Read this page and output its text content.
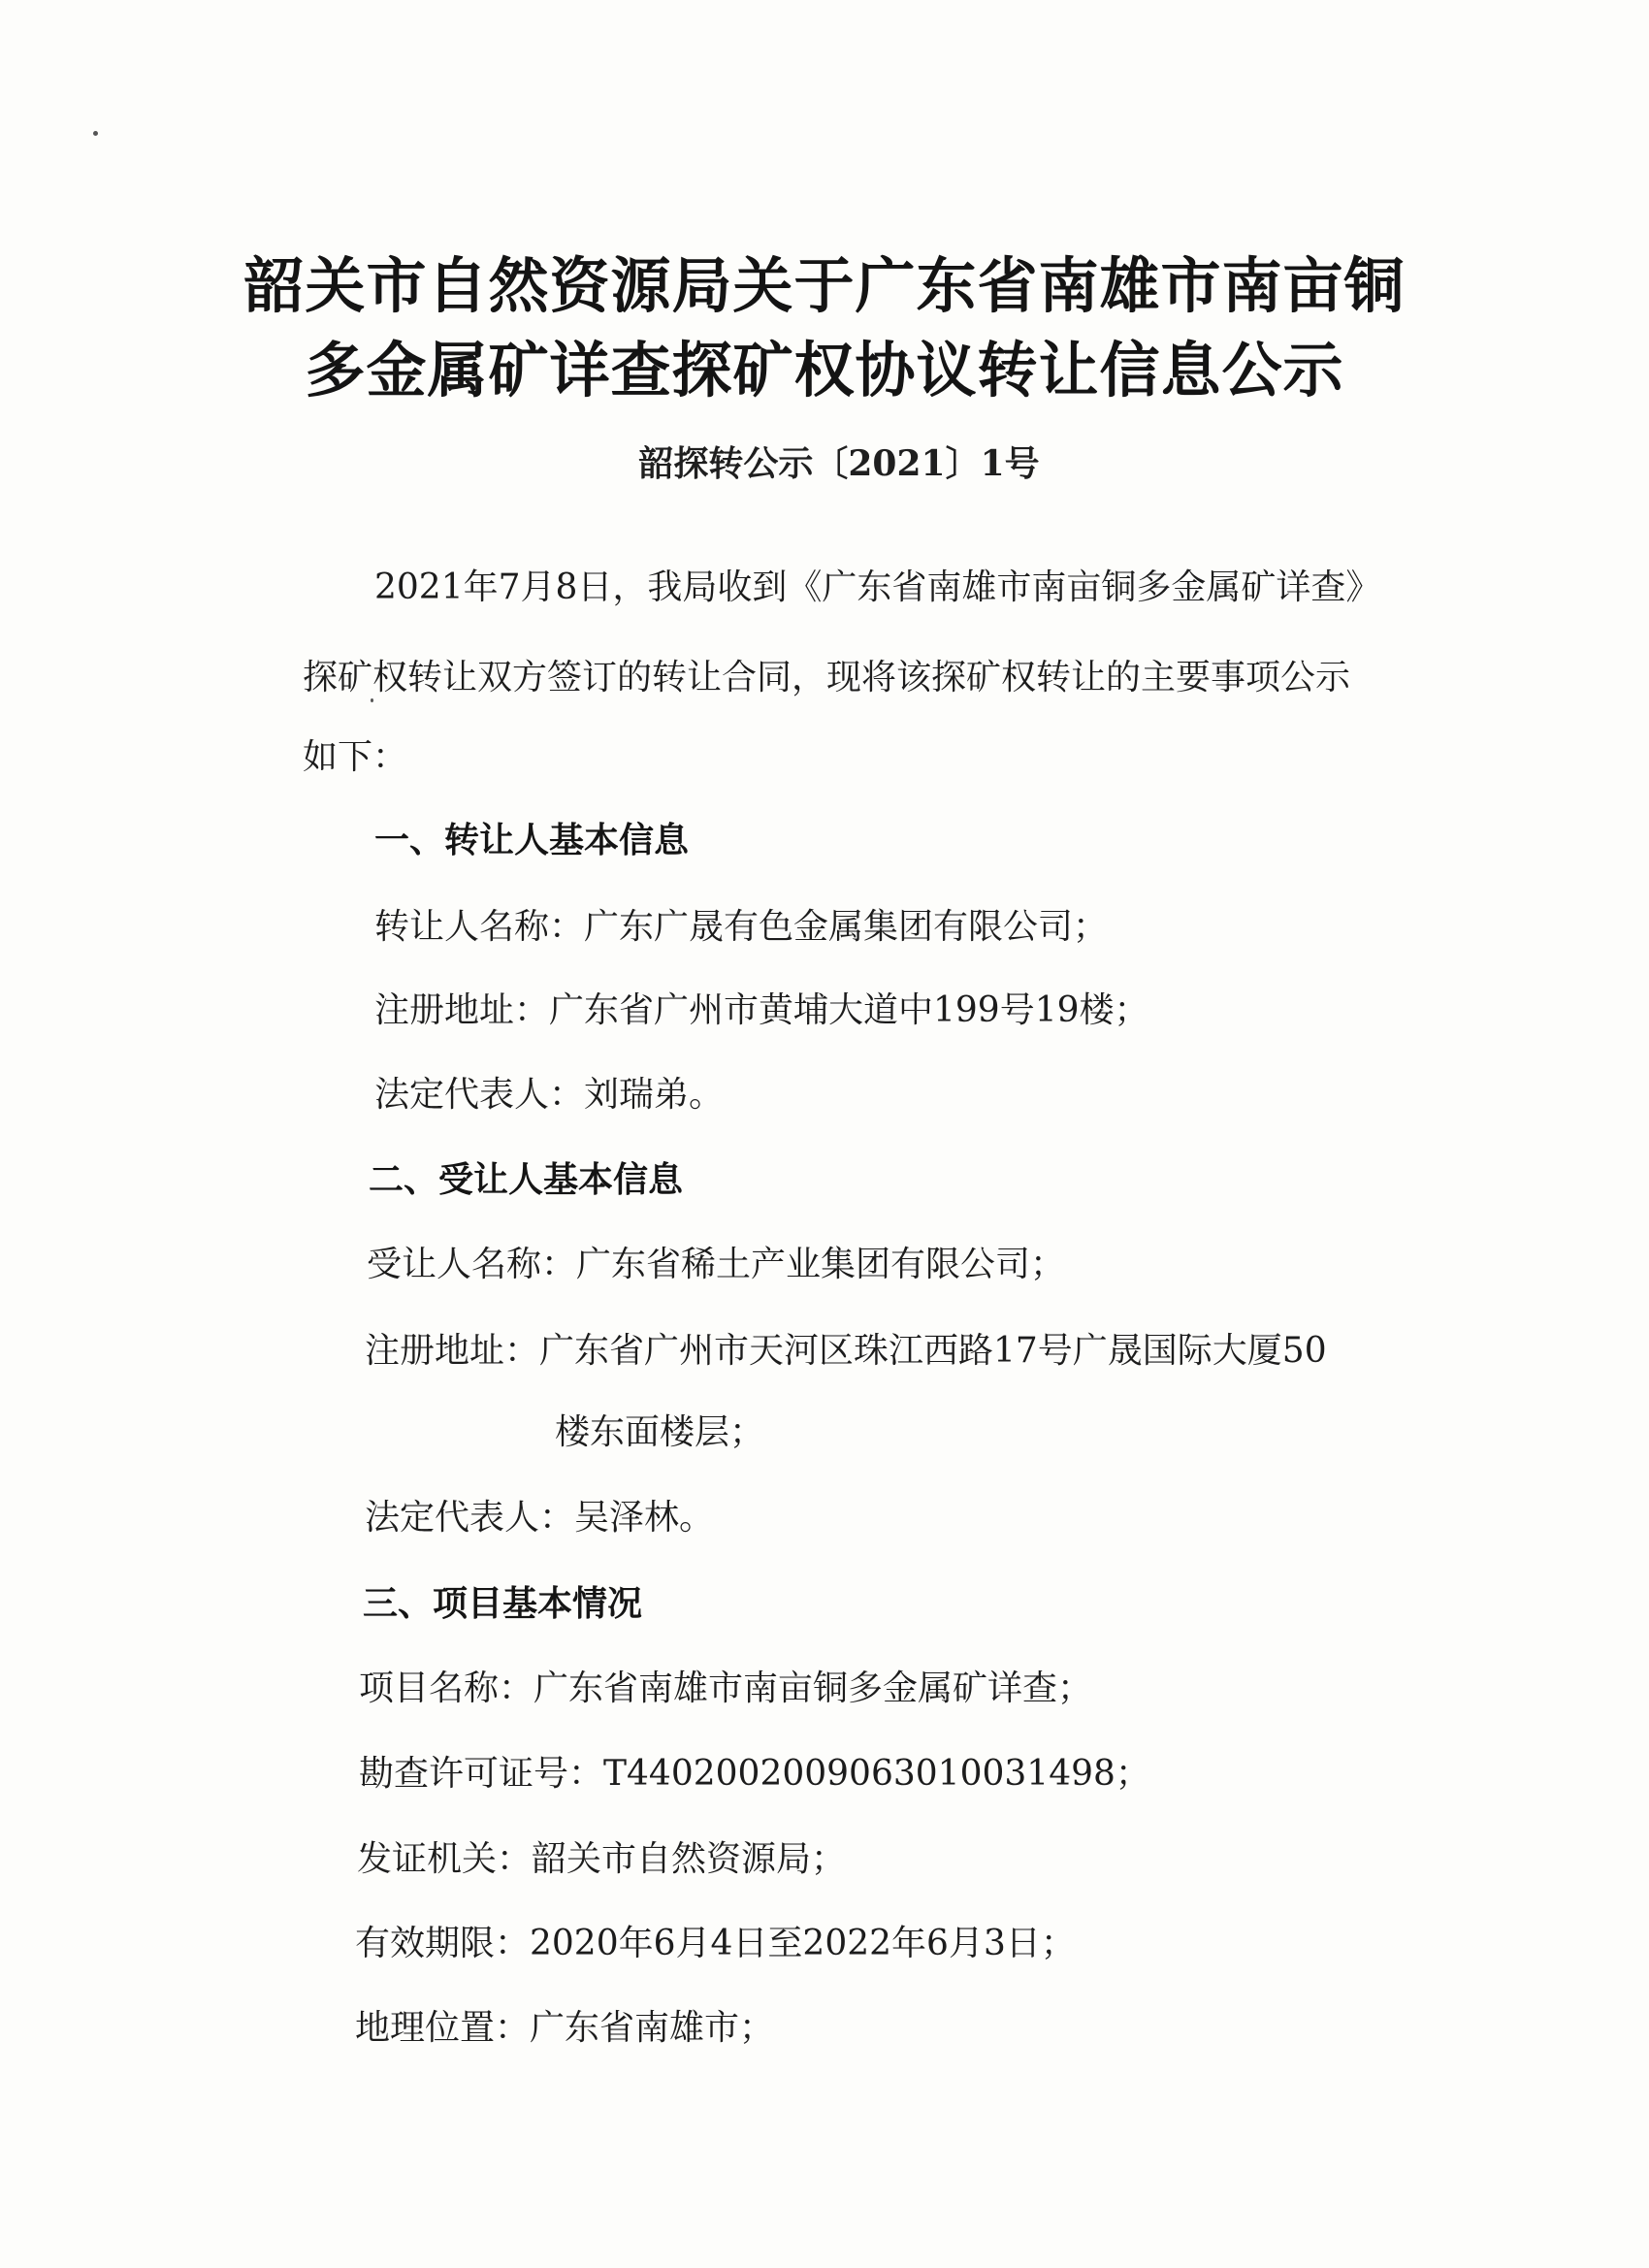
韶关市自然资源局关于广东省南雄市南亩铜
多金属矿详查探矿权协议转让信息公示
韶探转公示〔2021〕1号
2021年7月8日，我局收到《广东省南雄市南亩铜多金属矿详查》
探矿权转让双方签订的转让合同，现将该探矿权转让的主要事项公示
如下：
一、转让人基本信息
转让人名称：广东广晟有色金属集团有限公司；
注册地址：广东省广州市黄埔大道中199号19楼；
法定代表人：刘瑞弟。
二、受让人基本信息
受让人名称：广东省稀土产业集团有限公司；
注册地址：广东省广州市天河区珠江西路17号广晟国际大厦50
楼东面楼层；
法定代表人：吴泽林。
三、项目基本情况
项目名称：广东省南雄市南亩铜多金属矿详查；
勘查许可证号：T4402002009063010031498；
发证机关：韶关市自然资源局；
有效期限：2020年6月4日至2022年6月3日；
地理位置：广东省南雄市；
